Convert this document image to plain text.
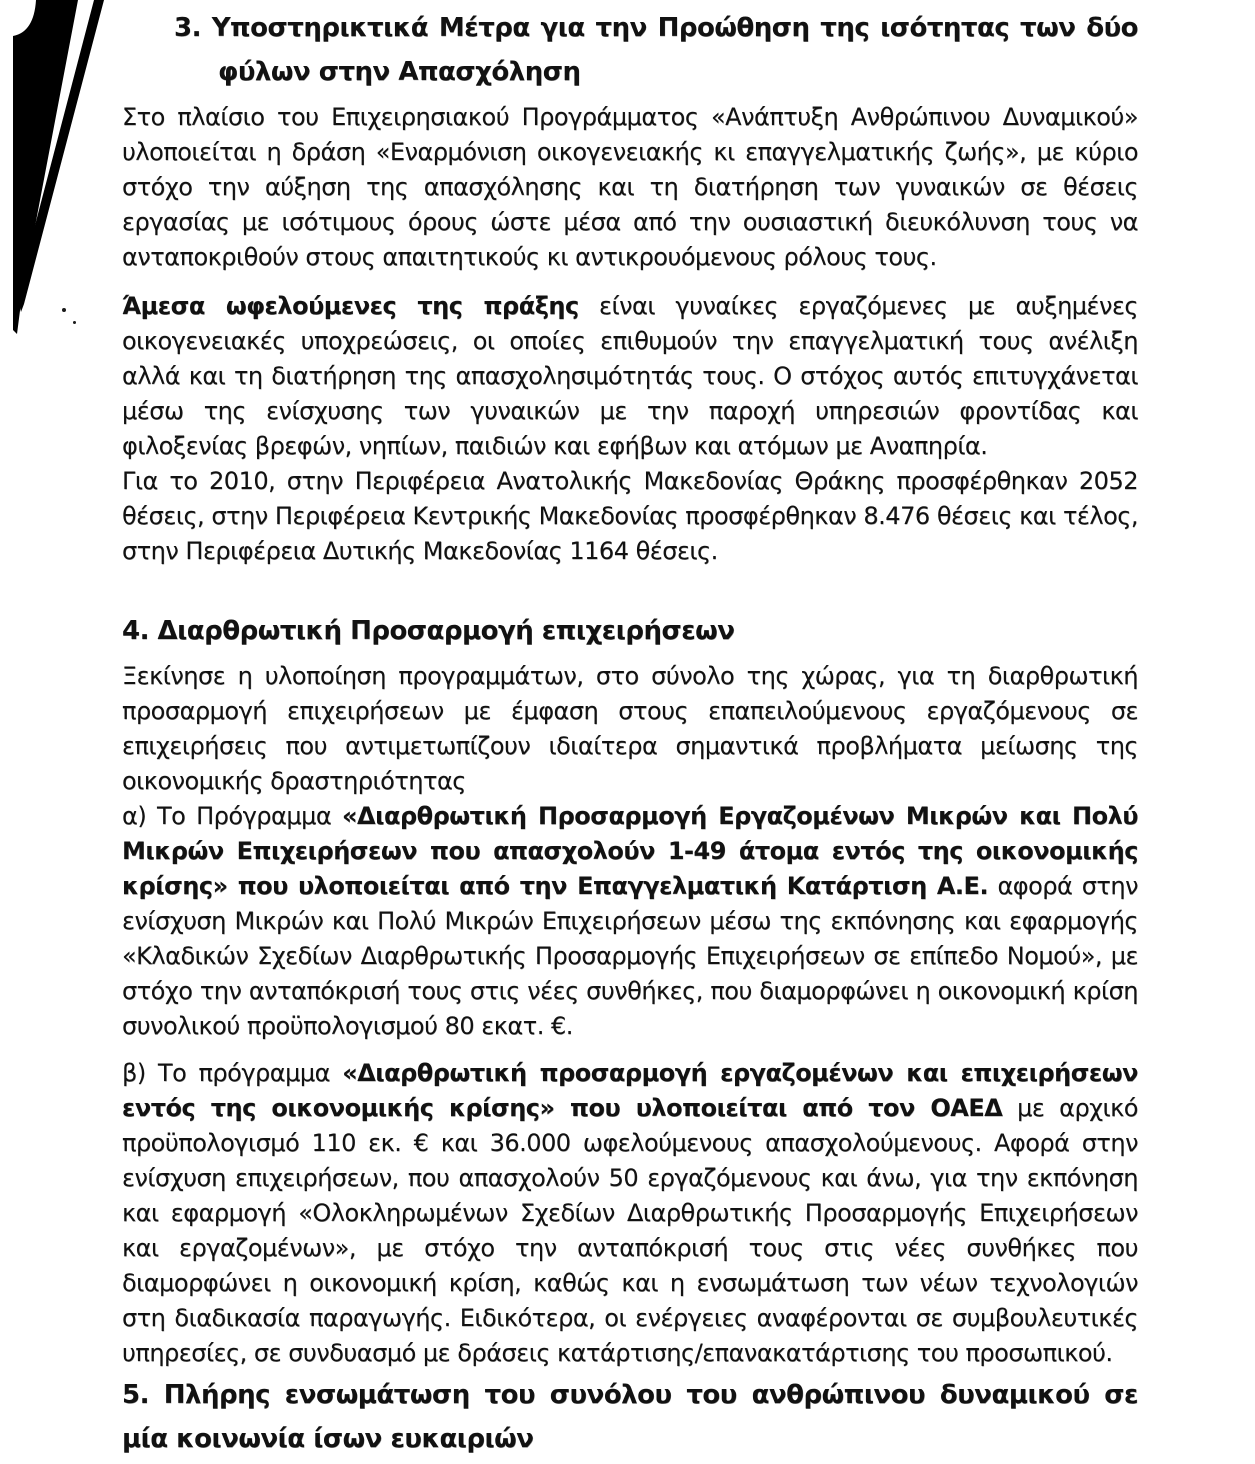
3. Υποστηρικτικά Μέτρα για την Προώθηση της ισότητας των δύο φύλων στην Απασχόληση

Στο πλαίσιο του Επιχειρησιακού Προγράμματος «Ανάπτυξη Ανθρώπινου Δυναμικού» υλοποιείται η δράση «Εναρμόνιση οικογενειακής κι επαγγελματικής ζωής», με κύριο στόχο την αύξηση της απασχόλησης και τη διατήρηση των γυναικών σε θέσεις εργασίας με ισότιμους όρους ώστε μέσα από την ουσιαστική διευκόλυνση τους να ανταποκριθούν στους απαιτητικούς κι αντικρουόμενους ρόλους τους.

Άμεσα ωφελούμενες της πράξης είναι γυναίκες εργαζόμενες με αυξημένες οικογενειακές υποχρεώσεις, οι οποίες επιθυμούν την επαγγελματική τους ανέλιξη αλλά και τη διατήρηση της απασχολησιμότητάς τους. Ο στόχος αυτός επιτυγχάνεται μέσω της ενίσχυσης των γυναικών με την παροχή υπηρεσιών φροντίδας και φιλοξενίας βρεφών, νηπίων, παιδιών και εφήβων και ατόμων με Αναπηρία.

Για το 2010, στην Περιφέρεια Ανατολικής Μακεδονίας Θράκης προσφέρθηκαν 2052 θέσεις, στην Περιφέρεια Κεντρικής Μακεδονίας προσφέρθηκαν 8.476 θέσεις και τέλος, στην Περιφέρεια Δυτικής Μακεδονίας 1164 θέσεις.

4. Διαρθρωτική Προσαρμογή επιχειρήσεων

Ξεκίνησε η υλοποίηση προγραμμάτων, στο σύνολο της χώρας, για τη διαρθρωτική προσαρμογή επιχειρήσεων με έμφαση στους επαπειλούμενους εργαζόμενους σε επιχειρήσεις που αντιμετωπίζουν ιδιαίτερα σημαντικά προβλήματα μείωσης της οικονομικής δραστηριότητας

α) Το Πρόγραμμα «Διαρθρωτική Προσαρμογή Εργαζομένων Μικρών και Πολύ Μικρών Επιχειρήσεων που απασχολούν 1-49 άτομα εντός της οικονομικής κρίσης» που υλοποιείται από την Επαγγελματική Κατάρτιση Α.Ε. αφορά στην ενίσχυση Μικρών και Πολύ Μικρών Επιχειρήσεων μέσω της εκπόνησης και εφαρμογής «Κλαδικών Σχεδίων Διαρθρωτικής Προσαρμογής Επιχειρήσεων σε επίπεδο Νομού», με στόχο την ανταπόκρισή τους στις νέες συνθήκες, που διαμορφώνει η οικονομική κρίση συνολικού προϋπολογισμού 80 εκατ. €.

β) Το πρόγραμμα «Διαρθρωτική προσαρμογή εργαζομένων και επιχειρήσεων εντός της οικονομικής κρίσης» που υλοποιείται από τον ΟΑΕΔ με αρχικό προϋπολογισμό 110 εκ. € και 36.000 ωφελούμενους απασχολούμενους. Αφορά στην ενίσχυση επιχειρήσεων, που απασχολούν 50 εργαζόμενους και άνω, για την εκπόνηση και εφαρμογή «Ολοκληρωμένων Σχεδίων Διαρθρωτικής Προσαρμογής Επιχειρήσεων και εργαζομένων», με στόχο την ανταπόκρισή τους στις νέες συνθήκες που διαμορφώνει η οικονομική κρίση, καθώς και η ενσωμάτωση των νέων τεχνολογιών στη διαδικασία παραγωγής. Ειδικότερα, οι ενέργειες αναφέρονται σε συμβουλευτικές υπηρεσίες, σε συνδυασμό με δράσεις κατάρτισης/επανακατάρτισης του προσωπικού.

5. Πλήρης ενσωμάτωση του συνόλου του ανθρώπινου δυναμικού σε μία κοινωνία ίσων ευκαιριών
